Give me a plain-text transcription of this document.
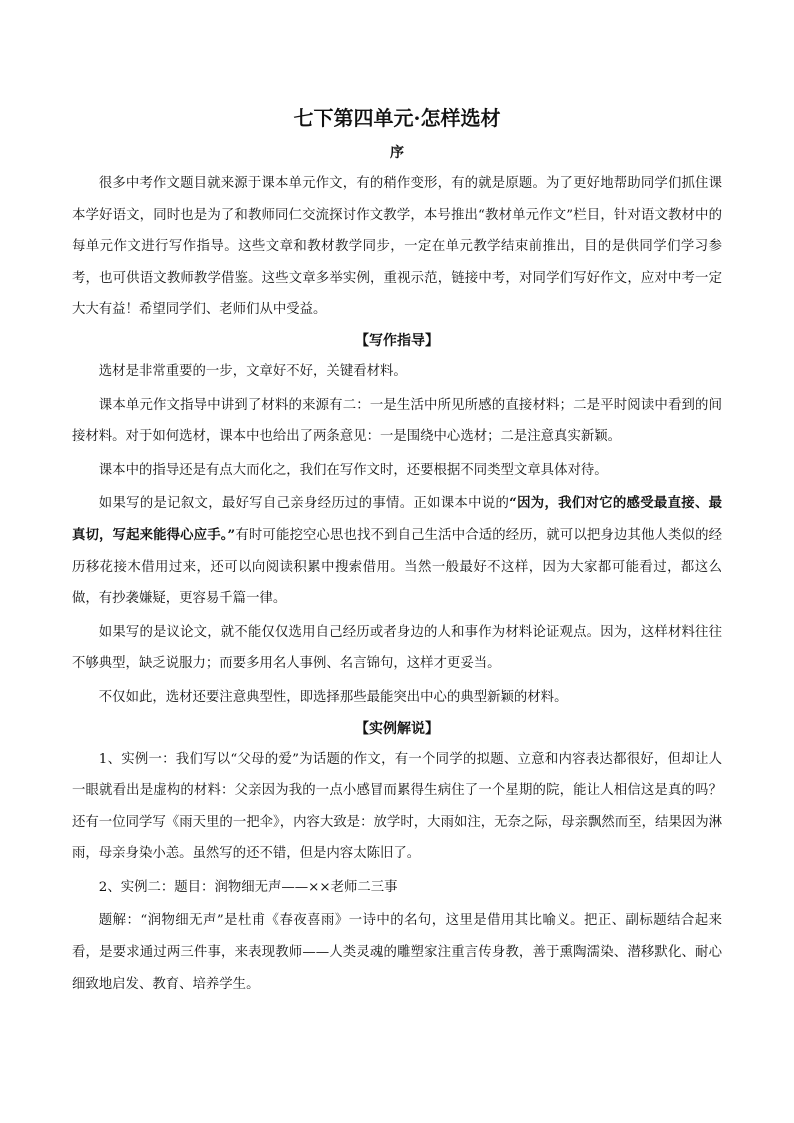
七下第四单元·怎样选材
序

很多中考作文题目就来源于课本单元作文，有的稍作变形，有的就是原题。为了更好地帮助同学们抓住课本学好语文，同时也是为了和教师同仁交流探讨作文教学，本号推出“教材单元作文”栏目，针对语文教材中的每单元作文进行写作指导。这些文章和教材教学同步，一定在单元教学结束前推出，目的是供同学们学习参考，也可供语文教师教学借鉴。这些文章多举实例，重视示范，链接中考，对同学们写好作文，应对中考一定大大有益！希望同学们、老师们从中受益。

【写作指导】

选材是非常重要的一步，文章好不好，关键看材料。

课本单元作文指导中讲到了材料的来源有二：一是生活中所见所感的直接材料；二是平时阅读中看到的间接材料。对于如何选材，课本中也给出了两条意见：一是围绕中心选材；二是注意真实新颖。

课本中的指导还是有点大而化之，我们在写作文时，还要根据不同类型文章具体对待。

如果写的是记叙文，最好写自己亲身经历过的事情。正如课本中说的“因为，我们对它的感受最直接、最真切，写起来能得心应手。”有时可能挖空心思也找不到自己生活中合适的经历，就可以把身边其他人类似的经历移花接木借用过来，还可以向阅读积累中搜索借用。当然一般最好不这样，因为大家都可能看过，都这么做，有抄袭嫌疑，更容易千篇一律。

如果写的是议论文，就不能仅仅选用自己经历或者身边的人和事作为材料论证观点。因为，这样材料往往不够典型，缺乏说服力；而要多用名人事例、名言锦句，这样才更妥当。

不仅如此，选材还要注意典型性，即选择那些最能突出中心的典型新颖的材料。

【实例解说】

1、实例一：我们写以“父母的爱”为话题的作文，有一个同学的拟题、立意和内容表达都很好，但却让人一眼就看出是虚构的材料：父亲因为我的一点小感冒而累得生病住了一个星期的院，能让人相信这是真的吗？还有一位同学写《雨天里的一把伞》，内容大致是：放学时，大雨如注，无奈之际，母亲飘然而至，结果因为淋雨，母亲身染小恙。虽然写的还不错，但是内容太陈旧了。

2、实例二：题目：润物细无声——××老师二三事

题解：“润物细无声”是杜甫《春夜喜雨》一诗中的名句，这里是借用其比喻义。把正、副标题结合起来看，是要求通过两三件事，来表现教师——人类灵魂的雕塑家注重言传身教，善于熏陶濡染、潜移默化、耐心细致地启发、教育、培养学生。
